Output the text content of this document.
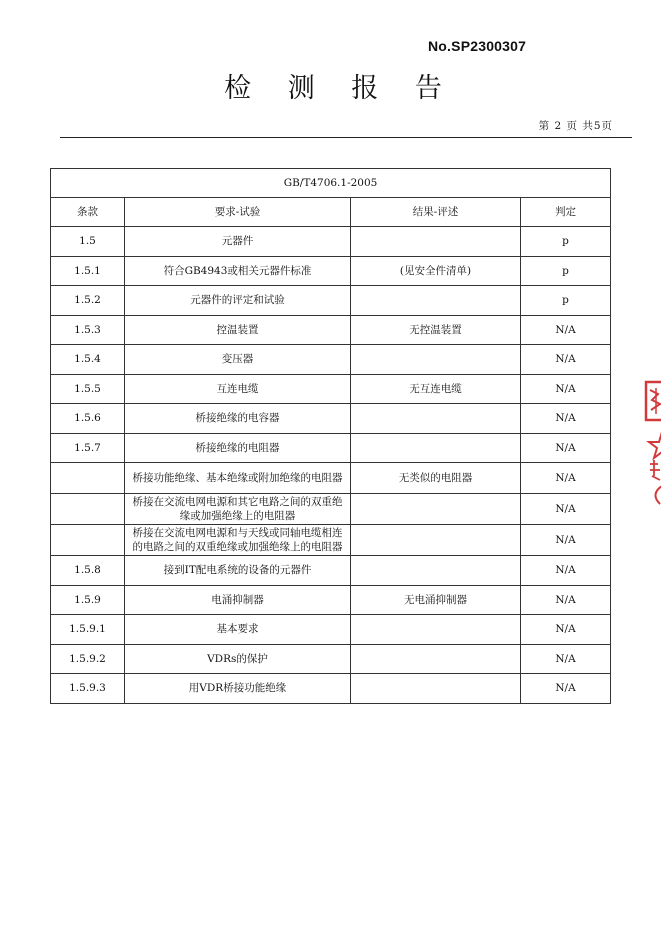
No.SP2300307
检 测 报 告
第 2 页 共5页
GB/T4706.1-2005			
条款	要求-试验	结果-评述	判定
1.5	元器件		p
1.5.1	符合GB4943或相关元器件标准	(见安全件清单)	p
1.5.2	元器件的评定和试验		p
1.5.3	控温装置	无控温装置	N/A
1.5.4	变压器		N/A
1.5.5	互连电缆	无互连电缆	N/A
1.5.6	桥接绝缘的电容器		N/A
1.5.7	桥接绝缘的电阻器		N/A
	桥接功能绝缘、基本绝缘或附加绝缘的电阻器	无类似的电阻器	N/A
	桥接在交流电网电源和其它电路之间的双重绝缘或加强绝缘上的电阻器		N/A

	桥接在交流电网电源和与天线或同轴电缆相连的电路之间的双重绝缘或加强绝缘上的电阻器		N/A
1.5.8	接到IT配电系统的设备的元器件		N/A
1.5.9	电涌抑制器	无电涌抑制器	N/A
1.5.9.1	基本要求		N/A
1.5.9.2	VDRs的保护		N/A
1.5.9.3	用VDR桥接功能绝缘		N/A
